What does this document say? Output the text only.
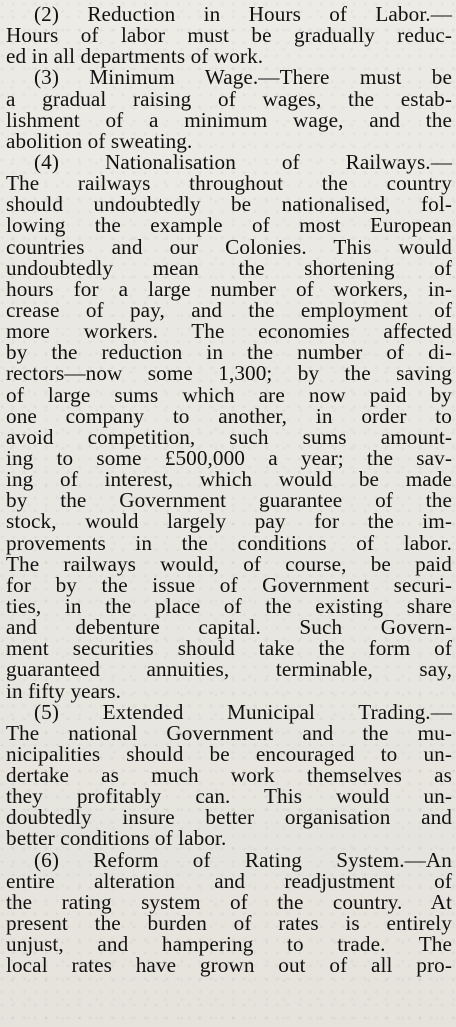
(2) Reduction in Hours of Labor.—
Hours of labor must be gradually reduc-
ed in all departments of work.
(3) Minimum Wage.—There must be
a gradual raising of wages, the estab-
lishment of a minimum wage, and the
abolition of sweating.
(4) Nationalisation of Railways.—
The railways throughout the country
should undoubtedly be nationalised, fol-
lowing the example of most European
countries and our Colonies. This would
undoubtedly mean the shortening of
hours for a large number of workers, in-
crease of pay, and the employment of
more workers. The economies affected
by the reduction in the number of di-
rectors—now some 1,300; by the saving
of large sums which are now paid by
one company to another, in order to
avoid competition, such sums amount-
ing to some £500,000 a year; the sav-
ing of interest, which would be made
by the Government guarantee of the
stock, would largely pay for the im-
provements in the conditions of labor.
The railways would, of course, be paid
for by the issue of Government securi-
ties, in the place of the existing share
and debenture capital. Such Govern-
ment securities should take the form of
guaranteed annuities, terminable, say,
in fifty years.
(5) Extended Municipal Trading.—
The national Government and the mu-
nicipalities should be encouraged to un-
dertake as much work themselves as
they profitably can. This would un-
doubtedly insure better organisation and
better conditions of labor.
(6) Reform of Rating System.—An
entire alteration and readjustment of
the rating system of the country. At
present the burden of rates is entirely
unjust, and hampering to trade. The
local rates have grown out of all pro-
